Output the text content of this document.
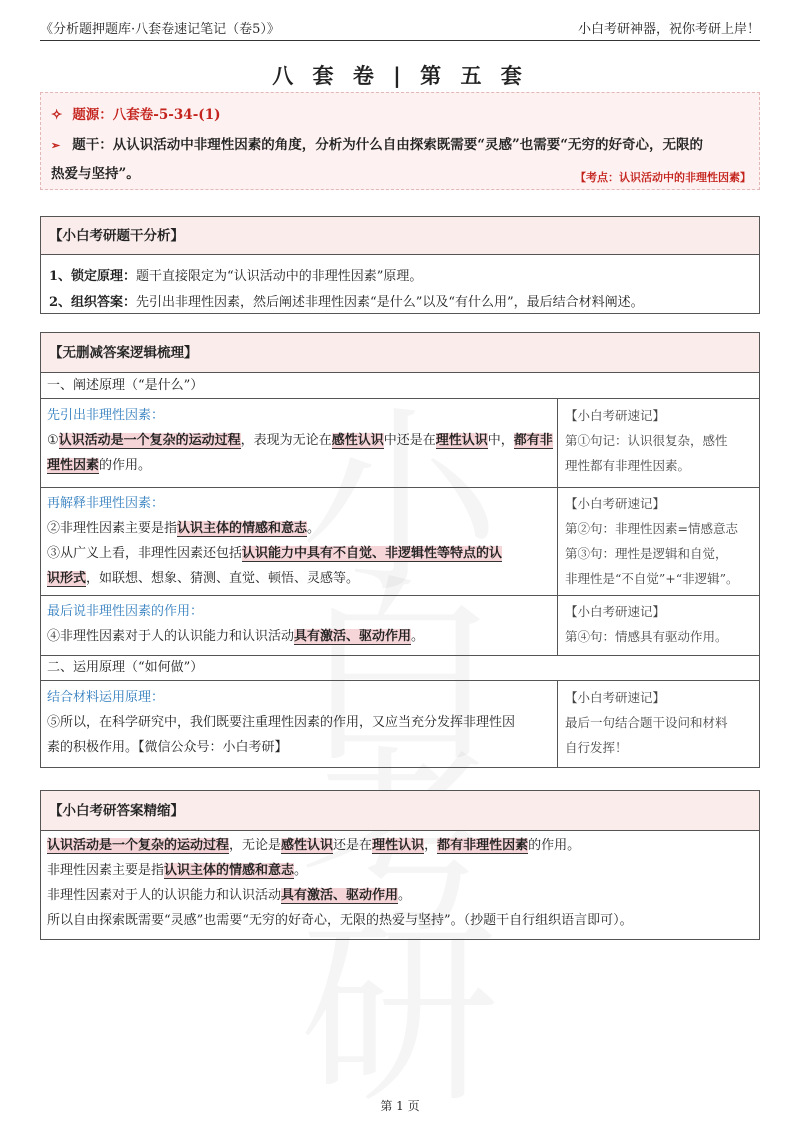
《分析题押题库·八套卷速记笔记（卷5）》	小白考研神器，祝你考研上岸！
八 套 卷 | 第 五 套
✧ 题源：八套卷-5-34-(1)
➢ 题干：从认识活动中非理性因素的角度，分析为什么自由探索既需要“灵感”也需要“无穷的好奇心，无限的
热爱与坚持”。	【考点：认识活动中的非理性因素】
【小白考研题干分析】
1、锁定原理：题干直接限定为“认识活动中的非理性因素”原理。
2、组织答案：先引出非理性因素，然后阐述非理性因素“是什么”以及“有什么用”，最后结合材料阐述。
【无删减答案逻辑梳理】
一、阐述原理（“是什么”）
先引出非理性因素：
①认识活动是一个复杂的运动过程，表现为无论在感性认识中还是在理性认识中，都有非理性因素的作用。
【小白考研速记】
第①句记：认识很复杂，感性
理性都有非理性因素。
再解释非理性因素：
②非理性因素主要是指认识主体的情感和意志。
③从广义上看，非理性因素还包括认识能力中具有不自觉、非逻辑性等特点的认
识形式，如联想、想象、猜测、直觉、顿悟、灵感等。
【小白考研速记】
第②句：非理性因素=情感意志
第③句：理性是逻辑和自觉，
非理性是“不自觉”+“非逻辑”。
最后说非理性因素的作用：
④非理性因素对于人的认识能力和认识活动具有激活、驱动作用。
【小白考研速记】
第④句：情感具有驱动作用。
二、运用原理（“如何做”）
结合材料运用原理：
⑤所以，在科学研究中，我们既要注重理性因素的作用，又应当充分发挥非理性因
素的积极作用。【微信公众号：小白考研】
【小白考研速记】
最后一句结合题干设问和材料
自行发挥！
【小白考研答案精缩】
认识活动是一个复杂的运动过程，无论是感性认识还是在理性认识，都有非理性因素的作用。
非理性因素主要是指认识主体的情感和意志。
非理性因素对于人的认识能力和认识活动具有激活、驱动作用。
所以自由探索既需要“灵感”也需要“无穷的好奇心，无限的热爱与坚持”。（抄题干自行组织语言即可）。
第 1 页
